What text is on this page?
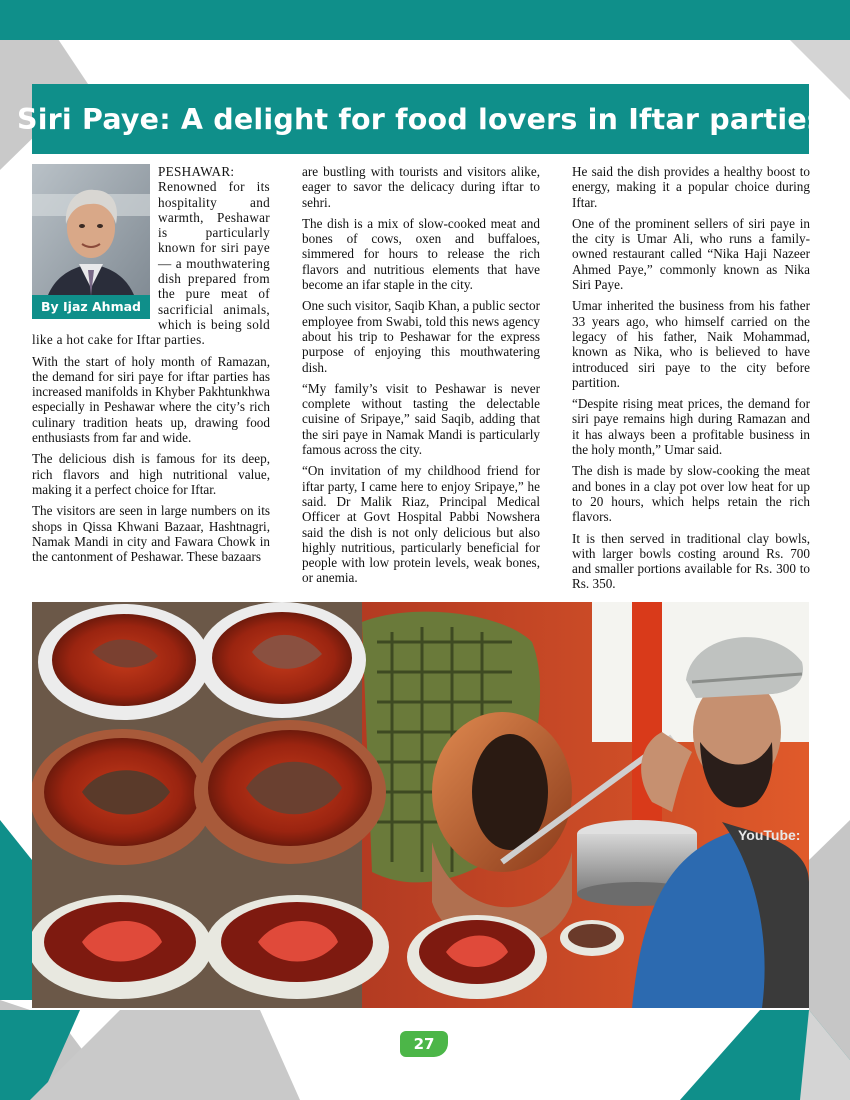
Siri Paye: A delight for food lovers in Iftar parties
By Ijaz Ahmad

PESHAWAR: Renowned for its hospitality and warmth, Peshawar is particularly known for siri paye — a mouthwatering dish prepared from the pure meat of sacrificial animals, which is being sold like a hot cake for Iftar parties.

With the start of holy month of Ramazan, the demand for siri paye for iftar parties has increased manifolds in Khyber Pakhtunkhwa especially in Peshawar where the city’s rich culinary tradition heats up, drawing food enthusiasts from far and wide.

The delicious dish is famous for its deep, rich flavors and high nutritional value, making it a perfect choice for Iftar.

The visitors are seen in large numbers on its shops in Qissa Khwani Bazaar, Hashtnagri, Namak Mandi in city and Fawara Chowk in the cantonment of Peshawar. These bazaars

are bustling with tourists and visitors alike, eager to savor the delicacy during iftar to sehri.

The dish is a mix of slow-cooked meat and bones of cows, oxen and buffaloes, simmered for hours to release the rich flavors and nutritious elements that have become an ifar staple in the city.

One such visitor, Saqib Khan, a public sector employee from Swabi, told this news agency about his trip to Peshawar for the express purpose of enjoying this mouthwatering dish.

“My family’s visit to Peshawar is never complete without tasting the delectable cuisine of Sripaye,” said Saqib, adding that the siri paye in Namak Mandi is particularly famous across the city.

“On invitation of my childhood friend for iftar party, I came here to enjoy Sripaye,” he said. Dr Malik Riaz, Principal Medical Officer at Govt Hospital Pabbi Nowshera said the dish is not only delicious but also highly nutritious, particularly beneficial for people with low protein levels, weak bones, or anemia.

He said the dish provides a healthy boost to energy, making it a popular choice during Iftar.

One of the prominent sellers of siri paye in the city is Umar Ali, who runs a family-owned restaurant called “Nika Haji Nazeer Ahmed Paye,” commonly known as Nika Siri Paye.

Umar inherited the business from his father 33 years ago, who himself carried on the legacy of his father, Naik Mohammad, known as Nika, who is believed to have introduced siri paye to the city before partition.

“Despite rising meat prices, the demand for siri paye remains high during Ramazan and it has always been a profitable business in the holy month,” Umar said.

The dish is made by slow-cooking the meat and bones in a clay pot over low heat for up to 20 hours, which helps retain the rich flavors.

It is then served in traditional clay bowls, with larger bowls costing around Rs. 700 and smaller portions available for Rs. 300 to Rs. 350.

YouTube:
27
